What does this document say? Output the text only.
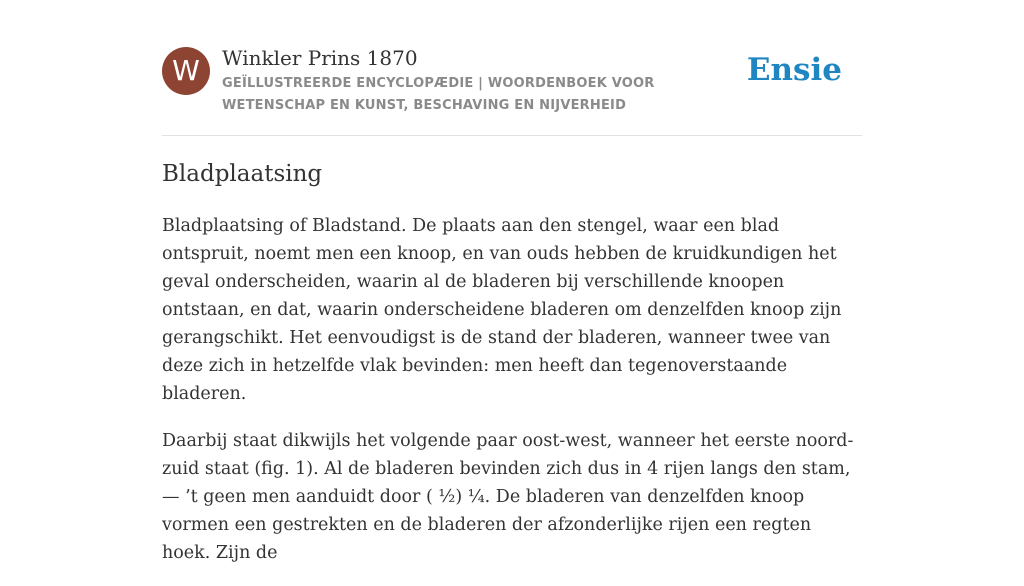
W	Winkler Prins 1870
GEÏLLUSTREERDE ENCYCLOPÆDIE | WOORDENBOEK VOOR WETENSCHAP EN KUNST, BESCHAVING EN NIJVERHEID
Ensie
Bladplaatsing

Bladplaatsing of Bladstand. De plaats aan den stengel, waar een blad ontspruit, noemt men een knoop, en van ouds hebben de kruidkundigen het geval onderscheiden, waarin al de bladeren bij verschillende knoopen ontstaan, en dat, waarin onderscheidene bladeren om denzelfden knoop zijn gerangschikt. Het eenvoudigst is de stand der bladeren, wanneer twee van deze zich in hetzelfde vlak bevinden: men heeft dan tegenoverstaande bladeren.

Daarbij staat dikwijls het volgende paar oost-west, wanneer het eerste noord-zuid staat (fig. 1). Al de bladeren bevinden zich dus in 4 rijen langs den stam, — ’t geen men aanduidt door ( ½) ¼. De bladeren van denzelfden knoop vormen een gestrekten en de bladeren der afzonderlijke rijen een regten hoek. Zijn de
